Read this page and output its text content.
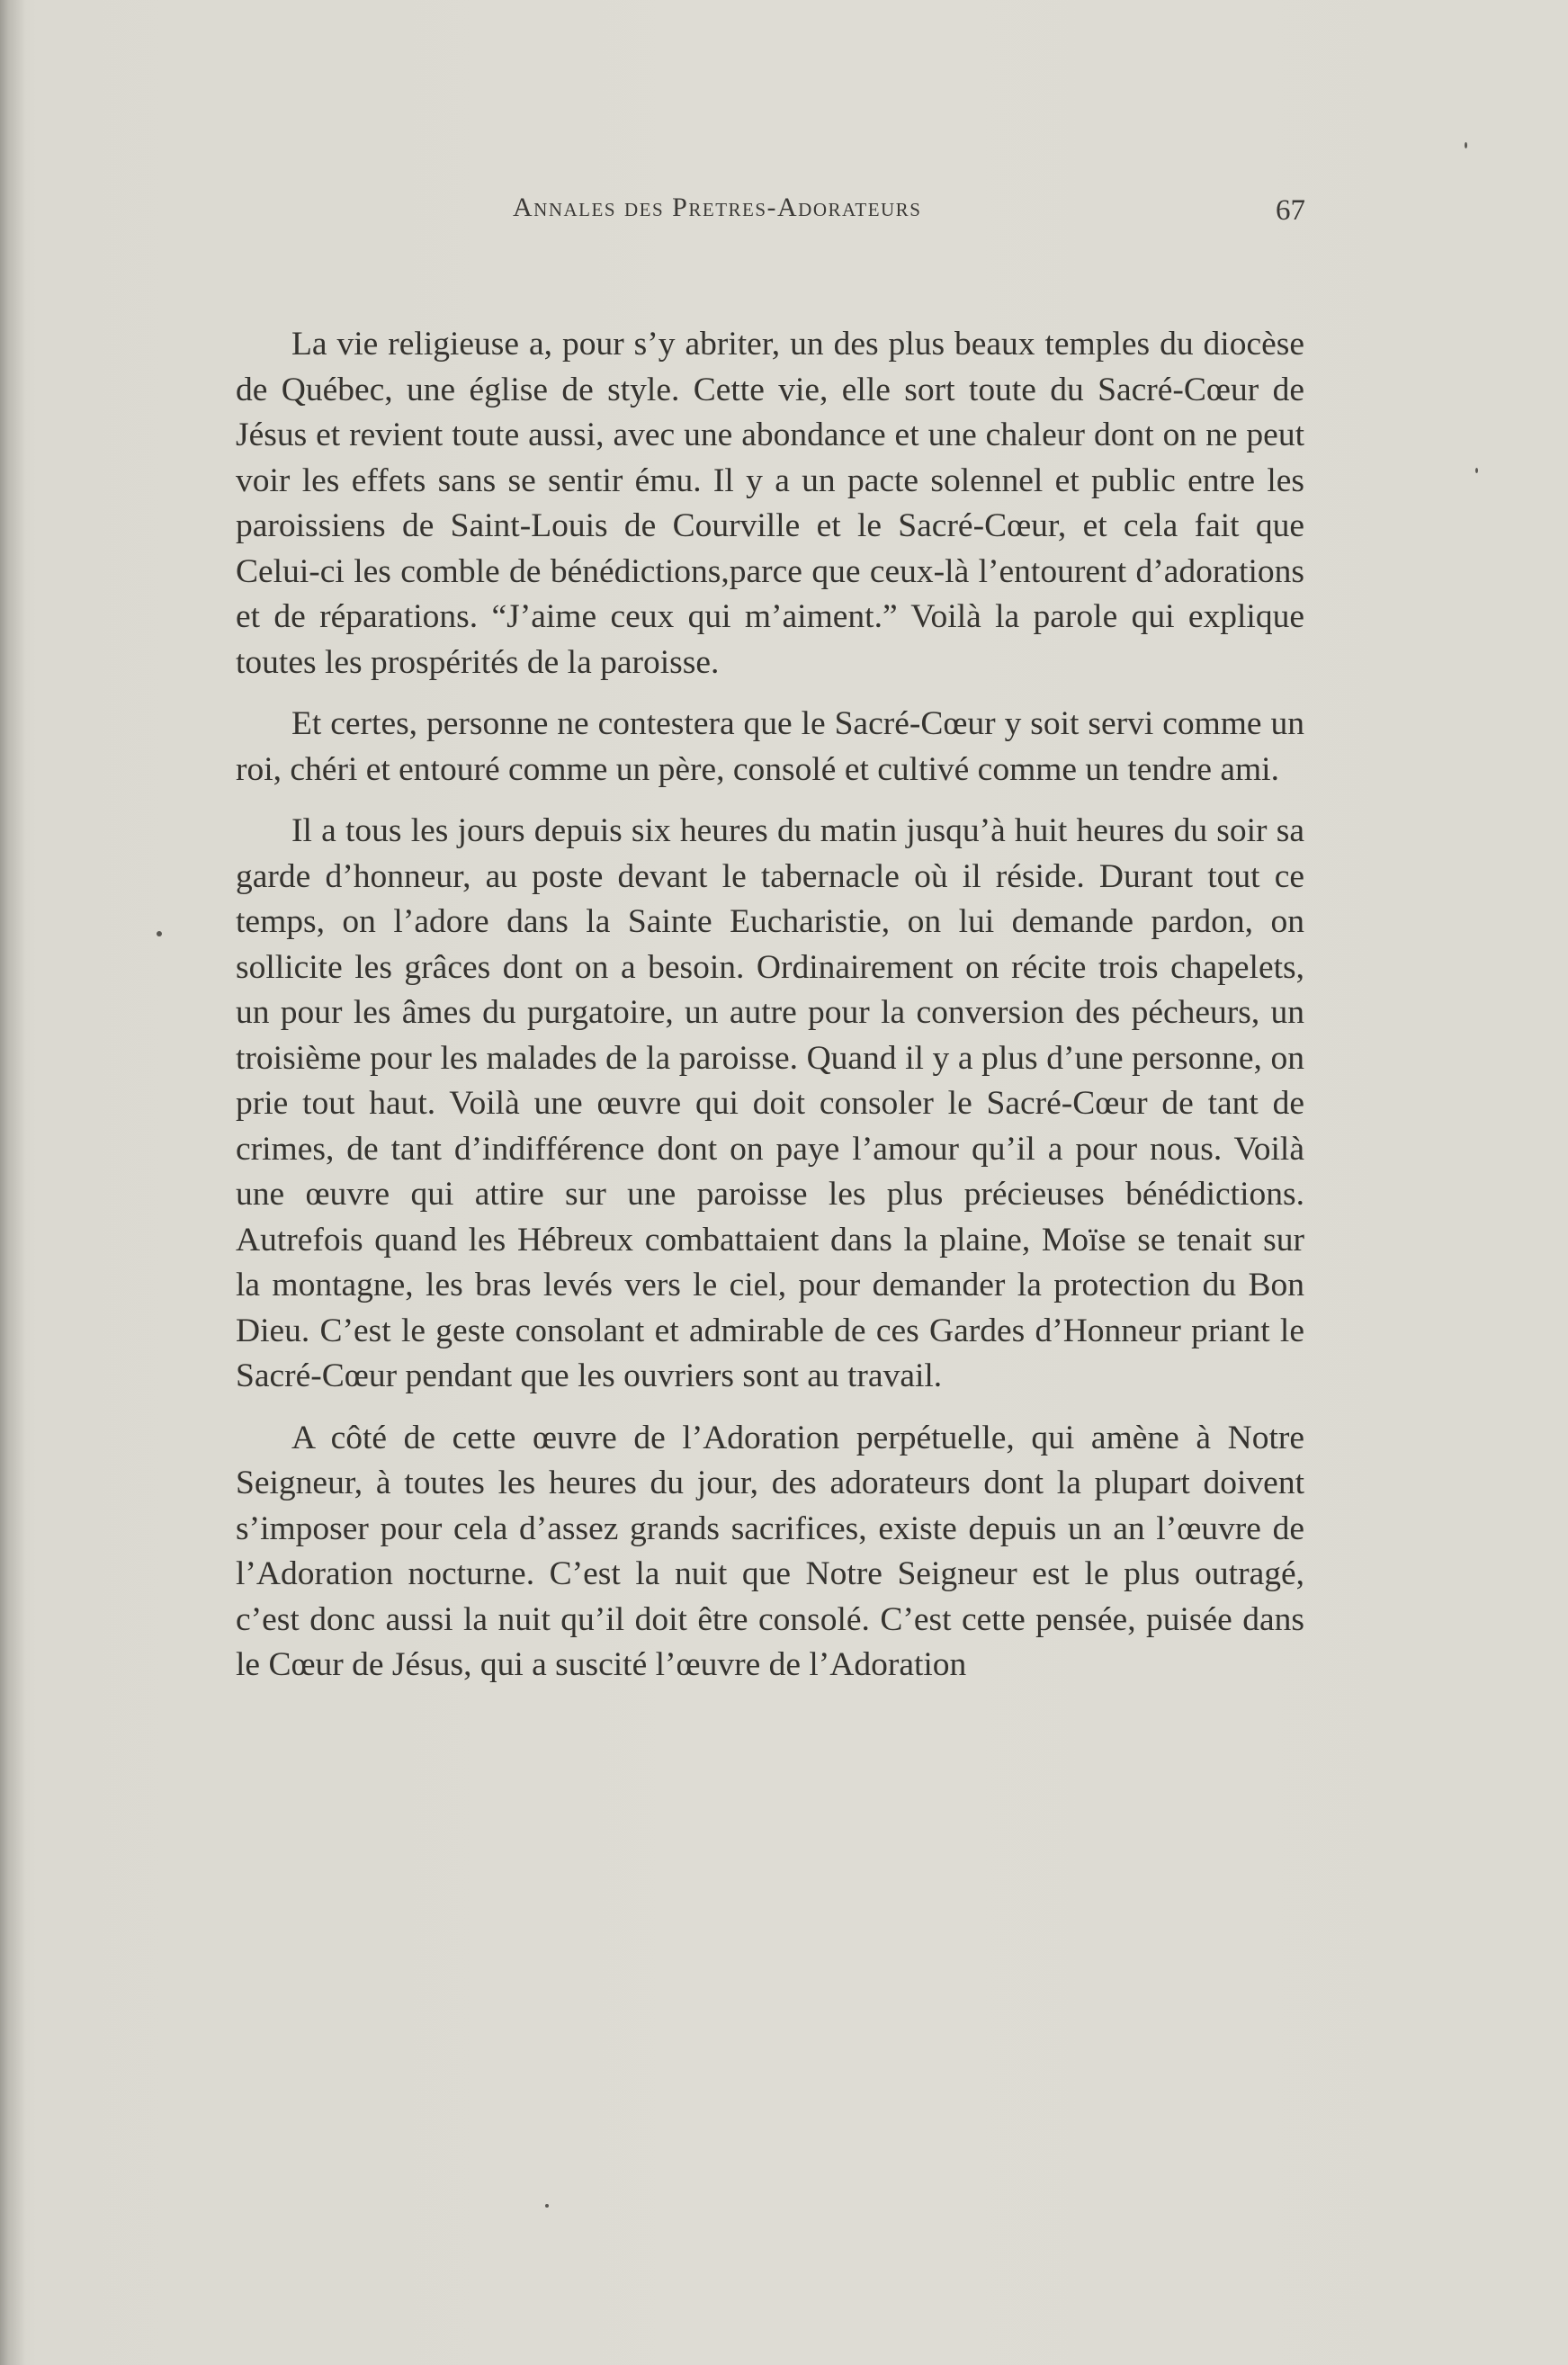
Annales des Pretres-Adorateurs	67

La vie religieuse a, pour s’y abriter, un des plus beaux temples du diocèse de Québec, une église de style. Cette vie, elle sort toute du Sacré-Cœur de Jésus et revient toute aussi, avec une abondance et une chaleur dont on ne peut voir les effets sans se sentir ému. Il y a un pacte solennel et public entre les paroissiens de Saint-Louis de Courville et le Sacré-Cœur, et cela fait que Celui-ci les comble de bénédictions,parce que ceux-là l’entourent d’adorations et de réparations. “J’aime ceux qui m’aiment.” Voilà la parole qui explique toutes les prospérités de la paroisse.

Et certes, personne ne contestera que le Sacré-Cœur y soit servi comme un roi, chéri et entouré comme un père, consolé et cultivé comme un tendre ami.

Il a tous les jours depuis six heures du matin jusqu’à huit heures du soir sa garde d’honneur, au poste devant le tabernacle où il réside. Durant tout ce temps, on l’adore dans la Sainte Eucharistie, on lui demande pardon, on sollicite les grâces dont on a besoin. Ordinairement on récite trois chapelets, un pour les âmes du purgatoire, un autre pour la conversion des pécheurs, un troisième pour les malades de la paroisse. Quand il y a plus d’une personne, on prie tout haut. Voilà une œuvre qui doit consoler le Sacré-Cœur de tant de crimes, de tant d’indifférence dont on paye l’amour qu’il a pour nous. Voilà une œuvre qui attire sur une paroisse les plus précieuses bénédictions. Autrefois quand les Hébreux combattaient dans la plaine, Moïse se tenait sur la montagne, les bras levés vers le ciel, pour demander la protection du Bon Dieu. C’est le geste consolant et admirable de ces Gardes d’Honneur priant le Sacré-Cœur pendant que les ouvriers sont au travail.

A côté de cette œuvre de l’Adoration perpétuelle, qui amène à Notre Seigneur, à toutes les heures du jour, des adorateurs dont la plupart doivent s’imposer pour cela d’assez grands sacrifices, existe depuis un an l’œuvre de l’Adoration nocturne. C’est la nuit que Notre Seigneur est le plus outragé, c’est donc aussi la nuit qu’il doit être consolé. C’est cette pensée, puisée dans le Cœur de Jésus, qui a suscité l’œuvre de l’Adoration
